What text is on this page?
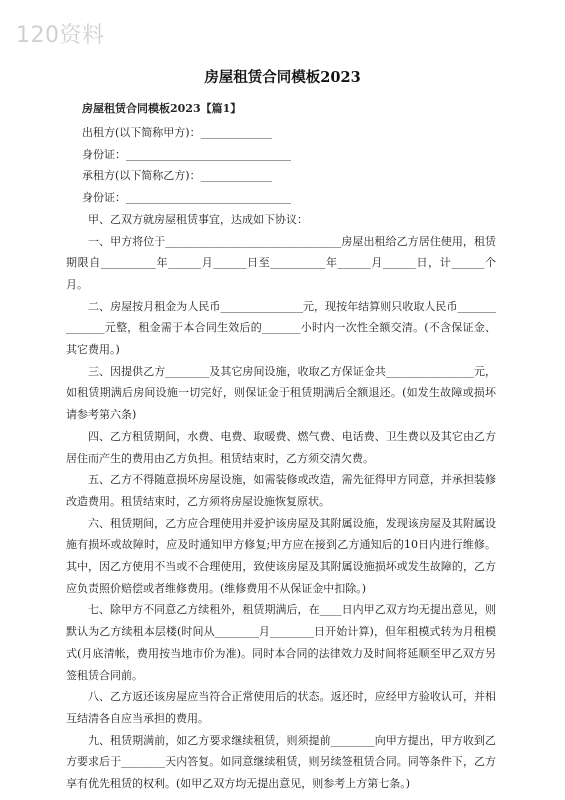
120资料
房屋租赁合同模板2023

房屋租赁合同模板2023【篇1】

出租方(以下简称甲方)：_____________

身份证：______________________________

承租方(以下简称乙方)：_____________

身份证：______________________________

甲、乙双方就房屋租赁事宜，达成如下协议：

一、甲方将位于________________________________房屋出租给乙方居住使用，租赁期限自__________年______月______日至__________年______月______日，计______个月。

二、房屋按月租金为人民币_______________元，现按年结算则只收取人民币______________元整，租金需于本合同生效后的_______小时内一次性全额交清。(不含保证金、其它费用。)

三、因提供乙方________及其它房间设施，收取乙方保证金共________________元，如租赁期满后房间设施一切完好，则保证金于租赁期满后全额退还。(如发生故障或损坏请参考第六条)

四、乙方租赁期间，水费、电费、取暖费、燃气费、电话费、卫生费以及其它由乙方居住而产生的费用由乙方负担。租赁结束时，乙方须交清欠费。

五、乙方不得随意损坏房屋设施，如需装修或改造，需先征得甲方同意，并承担装修改造费用。租赁结束时，乙方须将房屋设施恢复原状。

六、租赁期间，乙方应合理使用并爱护该房屋及其附属设施，发现该房屋及其附属设施有损坏或故障时，应及时通知甲方修复;甲方应在接到乙方通知后的10日内进行维修。其中，因乙方使用不当或不合理使用，致使该房屋及其附属设施损坏或发生故障的，乙方应负责照价赔偿或者维修费用。(维修费用不从保证金中扣除。)

七、除甲方不同意乙方续租外，租赁期满后，在____日内甲乙双方均无提出意见，则默认为乙方续租本层楼(时间从________月________日开始计算)，但年租模式转为月租模式(月底清帐，费用按当地市价为准)。同时本合同的法律效力及时间将延顺至甲乙双方另签租赁合同前。

八、乙方返还该房屋应当符合正常使用后的状态。返还时，应经甲方验收认可，并相互结清各自应当承担的费用。

九、租赁期满前，如乙方要求继续租赁，则须提前________向甲方提出，甲方收到乙方要求后于________天内答复。如同意继续租赁，则另续签租赁合同。同等条件下，乙方享有优先租赁的权利。(如甲乙双方均无提出意见，则参考上方第七条。)
